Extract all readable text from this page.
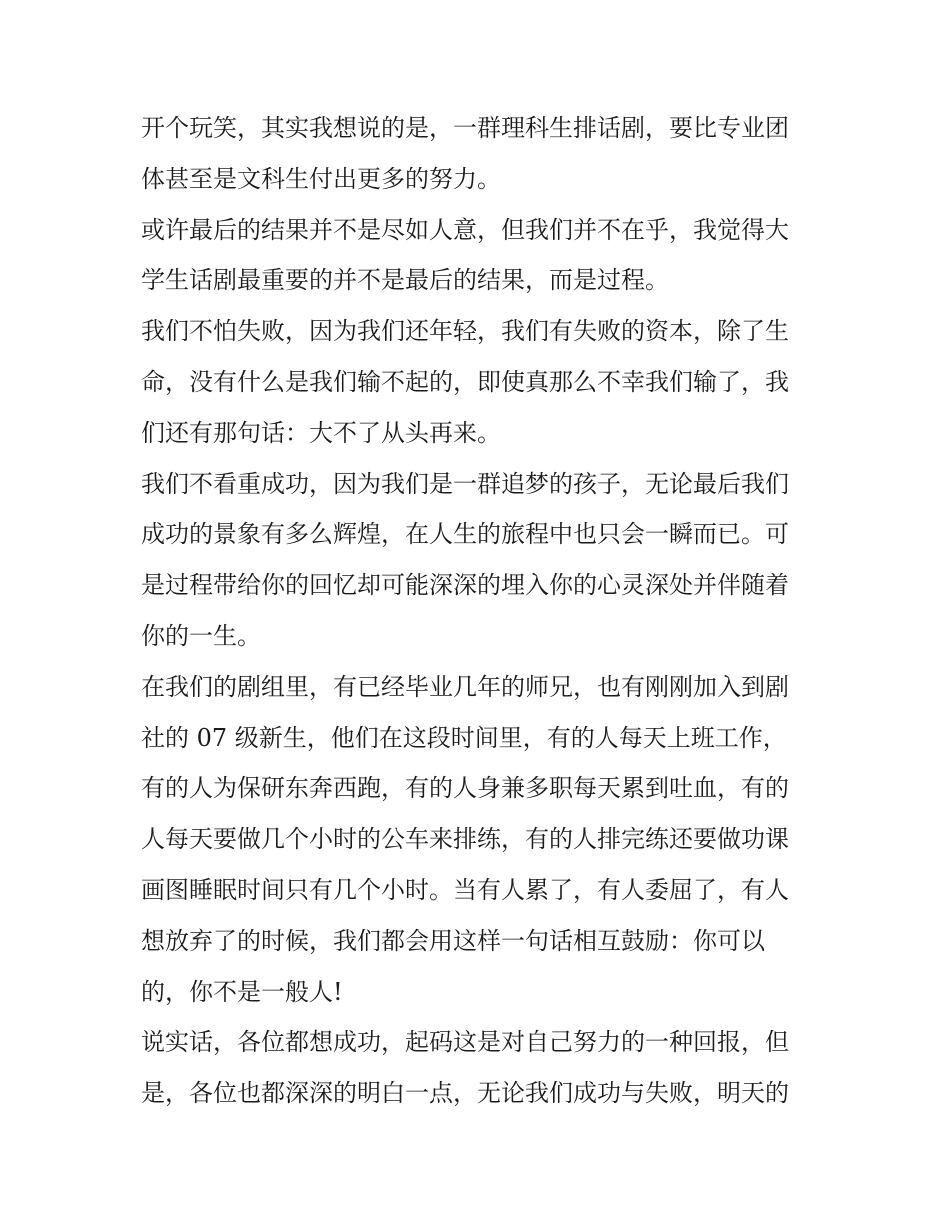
开个玩笑，其实我想说的是，一群理科生排话剧，要比专业团
体甚至是文科生付出更多的努力。
或许最后的结果并不是尽如人意，但我们并不在乎，我觉得大
学生话剧最重要的并不是最后的结果，而是过程。
我们不怕失败，因为我们还年轻，我们有失败的资本，除了生
命，没有什么是我们输不起的，即使真那么不幸我们输了，我
们还有那句话：大不了从头再来。
我们不看重成功，因为我们是一群追梦的孩子，无论最后我们
成功的景象有多么辉煌，在人生的旅程中也只会一瞬而已。可
是过程带给你的回忆却可能深深的埋入你的心灵深处并伴随着
你的一生。
在我们的剧组里，有已经毕业几年的师兄，也有刚刚加入到剧
社的 07 级新生，他们在这段时间里，有的人每天上班工作，
有的人为保研东奔西跑，有的人身兼多职每天累到吐血，有的
人每天要做几个小时的公车来排练，有的人排完练还要做功课
画图睡眠时间只有几个小时。当有人累了，有人委屈了，有人
想放弃了的时候，我们都会用这样一句话相互鼓励：你可以
的，你不是一般人!
说实话，各位都想成功，起码这是对自己努力的一种回报，但
是，各位也都深深的明白一点，无论我们成功与失败，明天的
